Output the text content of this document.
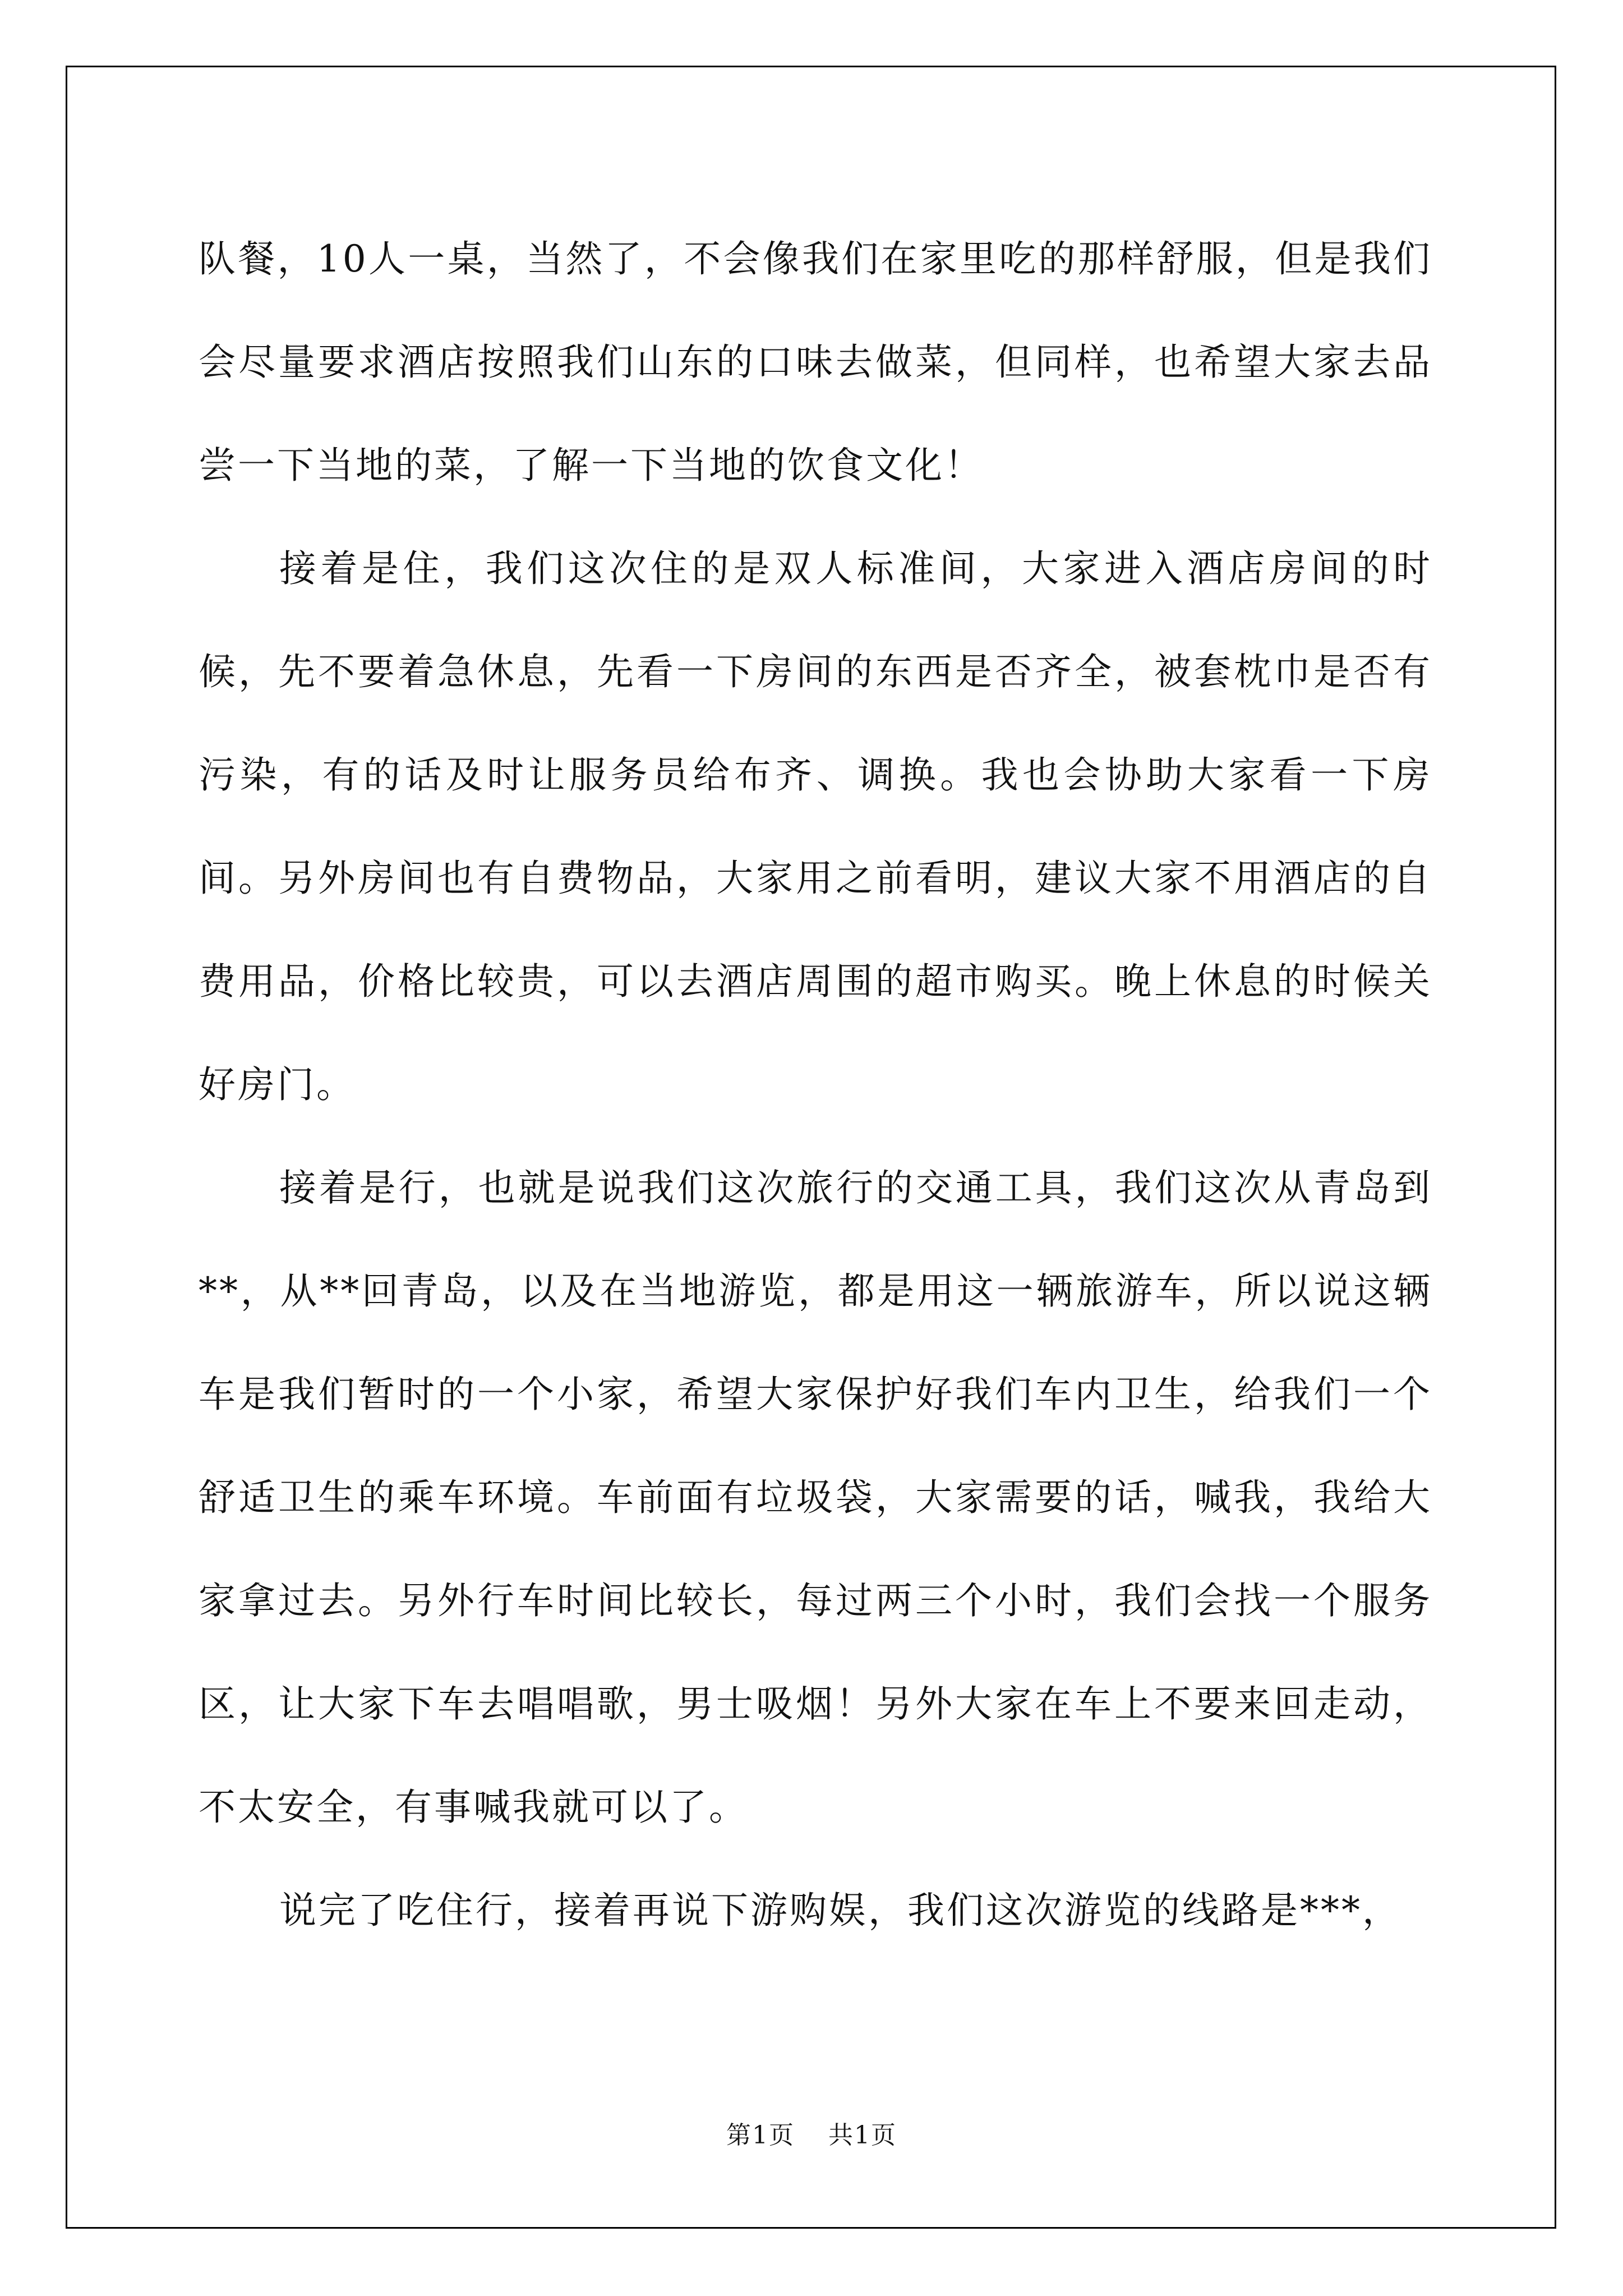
队餐，10人一桌，当然了，不会像我们在家里吃的那样舒服，但是我们会尽量要求酒店按照我们山东的口味去做菜，但同样，也希望大家去品尝一下当地的菜，了解一下当地的饮食文化！

接着是住，我们这次住的是双人标准间，大家进入酒店房间的时候，先不要着急休息，先看一下房间的东西是否齐全，被套枕巾是否有污染，有的话及时让服务员给布齐、调换。我也会协助大家看一下房间。另外房间也有自费物品，大家用之前看明，建议大家不用酒店的自费用品，价格比较贵，可以去酒店周围的超市购买。晚上休息的时候关好房门。

接着是行，也就是说我们这次旅行的交通工具，我们这次从青岛到**，从**回青岛，以及在当地游览，都是用这一辆旅游车，所以说这辆车是我们暂时的一个小家，希望大家保护好我们车内卫生，给我们一个舒适卫生的乘车环境。车前面有垃圾袋，大家需要的话，喊我，我给大家拿过去。另外行车时间比较长，每过两三个小时，我们会找一个服务区，让大家下车去唱唱歌，男士吸烟！另外大家在车上不要来回走动，不太安全，有事喊我就可以了。

说完了吃住行，接着再说下游购娱，我们这次游览的线路是***，

第1页 共1页
